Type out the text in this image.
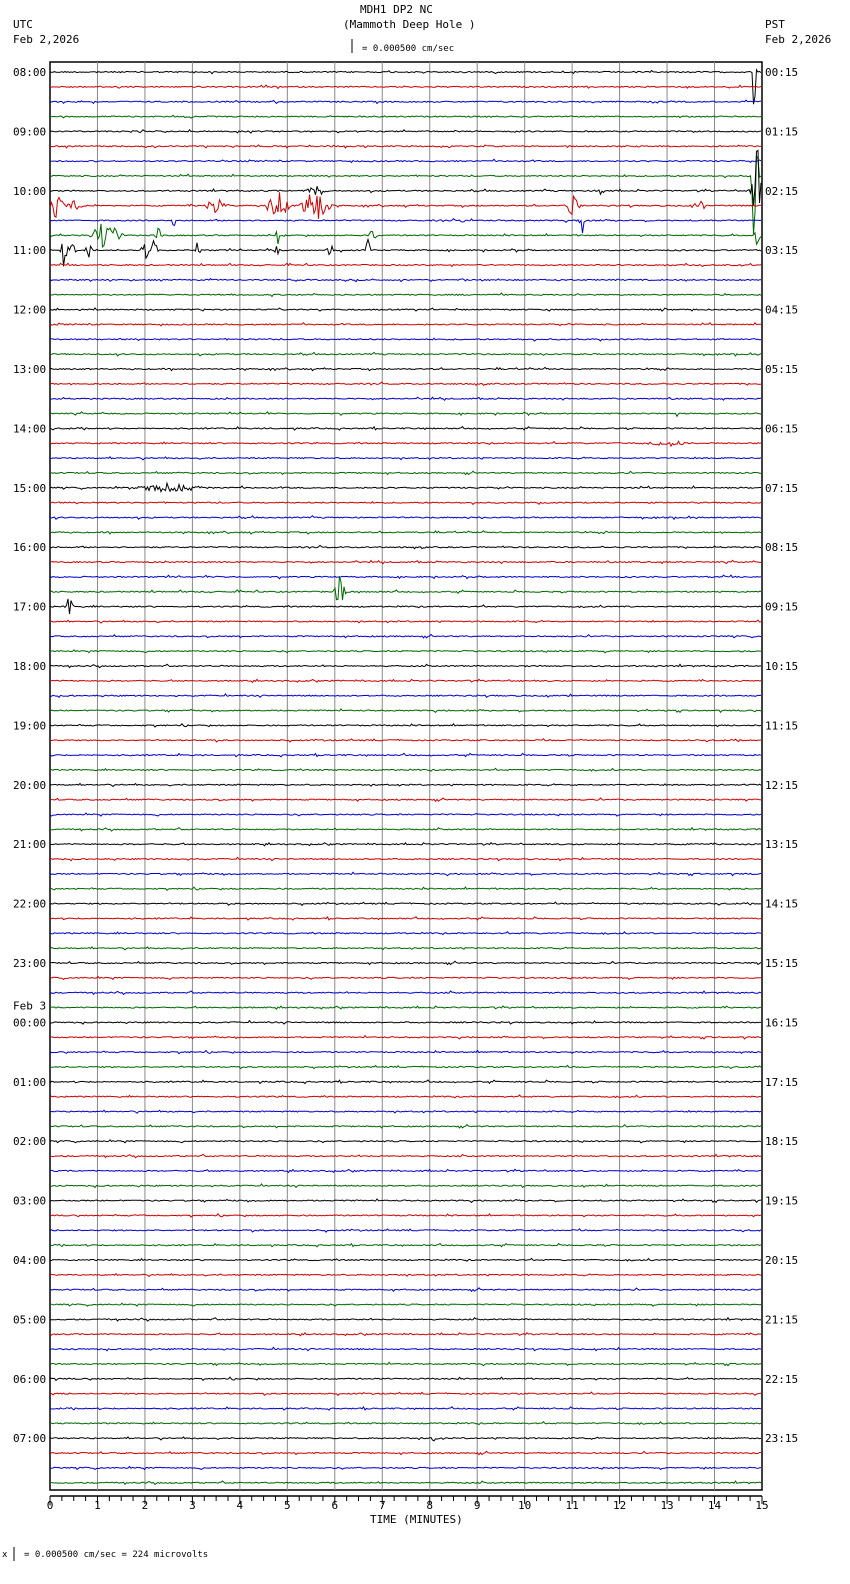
MDH1 DP2 NC
(Mammoth Deep Hole )
UTC
Feb 2,2026
PST
Feb 2,2026
= 0.000500 cm/sec
x = 0.000500 cm/sec = 224 microvolts
TIME (MINUTES)
08:00
09:00
10:00
11:00
12:00
13:00
14:00
15:00
16:00
17:00
18:00
19:00
20:00
21:00
22:00
23:00
00:00
01:00
02:00
03:00
04:00
05:00
06:00
07:00
00:15
01:15
02:15
03:15
04:15
05:15
06:15
07:15
08:15
09:15
10:15
11:15
12:15
13:15
14:15
15:15
16:15
17:15
18:15
19:15
20:15
21:15
22:15
23:15
Feb 3
0	1	2	3	4	5	6	7	8	9	10	11	12	13	14	15
